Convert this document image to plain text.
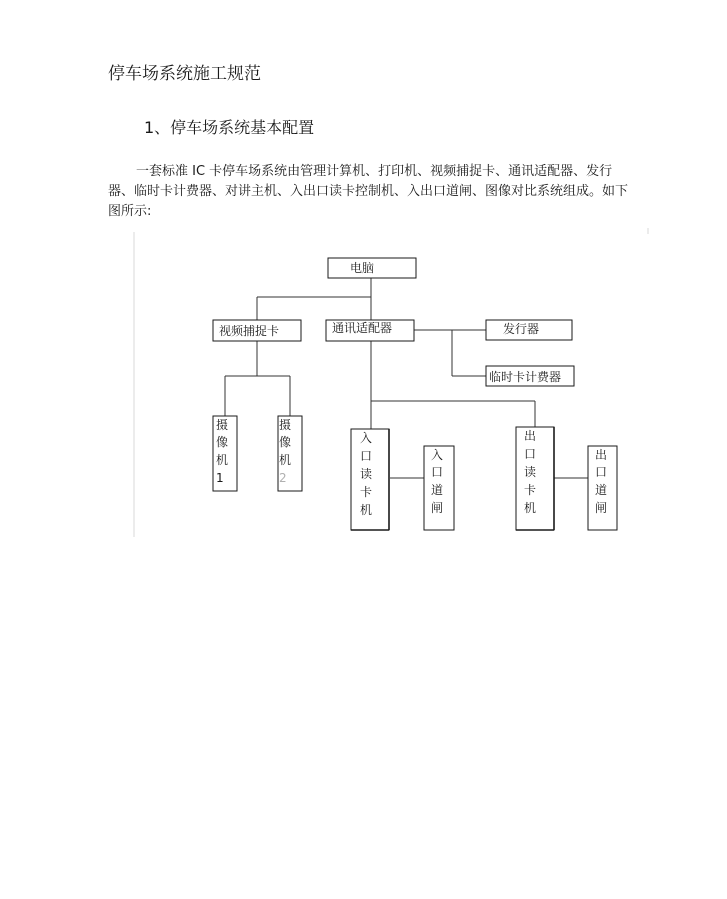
停车场系统施工规范
1、停车场系统基本配置

一套标准 IC 卡停车场系统由管理计算机、打印机、视频捕捉卡、通讯适配器、发行器、临时卡计费器、对讲主机、入出口读卡控制机、入出口道闸、图像对比系统组成。如下图所示:

电脑
视频捕捉卡	通讯适配器	发行器
临时卡计费器
摄
像
机
1
摄
像
机
2
入
口
读
卡
机
入
口
道
闸
出
口
读
卡
机
出
口
道
闸
